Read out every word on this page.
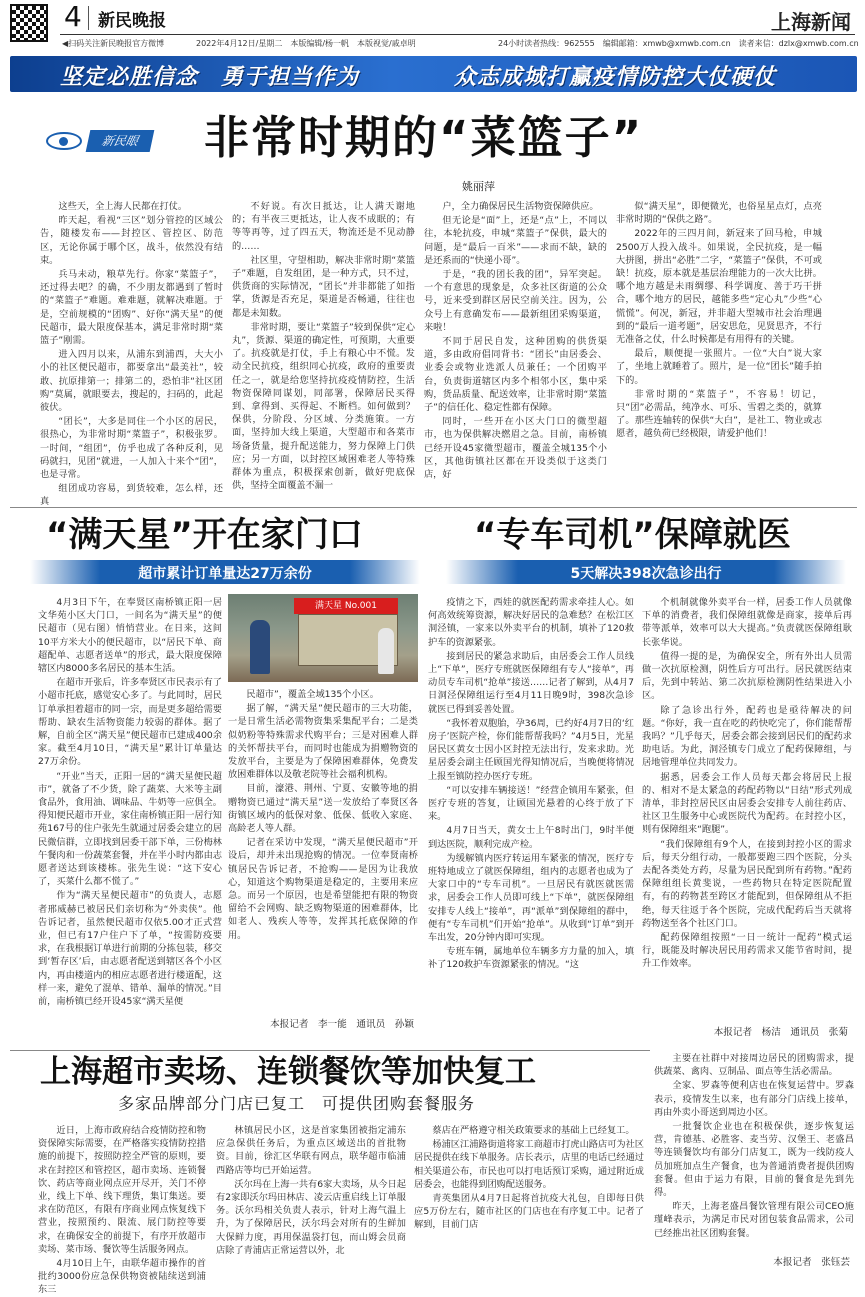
4 新民晚报	上海新闻
◀扫码关注新民晚报官方微博	2022年4月12日/星期二　本版编辑/杨一帆　本版视觉/戚卓明	24小时读者热线：962555　编辑邮箱：xmwb@xmwb.com.cn　读者来信：dzlx@xmwb.com.cn
坚定必胜信念　勇于担当作为	众志成城打赢疫情防控大仗硬仗
新民眼	非常时期的“菜篮子”
姚丽萍

这些天，全上海人民都在打仗。

昨天起，看视“三区”划分管控的区域公告，随楼发布——封控区、管控区、防范区，无论你属于哪个区，战斗，依然没有结束。

兵马未动，粮草先行。你家“菜篮子”，还过得去吧？的确，不少朋友都遇到了暂时的“菜篮子”难题。难难题，就解决难题。于是，空前规模的“团购”、好你“满天星”的便民超市，最大限度保基本，满足非常时期“菜篮子”刚需。

进入四月以来，从浦东到浦西，大大小小的社区便民超市，都要拿出“最美社”，较敢、抗原排第一；排第二的，恐怕非“社区团购”莫属，就眼要去，搜起的，扫码的，此起彼伏。

“团长”，大多是同住一个小区的居民，很热心，为非常时期“菜篮子”，积极张罗。一时间，“组团”，仿乎也成了各种反利，见码就扫，见团“就进，一人加入十来个“团”，也是寻常。

组团成功容易，到货较难，怎么样，还真

不好说。有次日抵达，让人满天谢地的；有半夜三更抵达，让人夜不成眠的；有等等再等，过了四五天，物流还是不见动静的……

社区里，守望相助，解决非常时期“菜篮子”难题，自发组团，是一种方式，只不过，供货商的实际情况，“团长”并非都能了如指掌，货源是否充足，渠道是否畅通，往往也都是未知数。

非常时期，要让“菜篮子”较到保供“定心丸”，货源、渠道的确定性，可预期，大重要了。抗疫就是打仗，手上有粮心中不慌。发动全民抗疫，组织同心抗疫，政府的重要责任之一，就是给您坚持抗疫疫情防控，生活物资保障同谋划，同部署，保障居民买得到、拿得到、买得起、不断档。如何做到？保供，分阶段、分区域、分类施策。一方面，坚持加大线上渠道，大型超市和各菜市场备货量，提升配送能力，努力保障上门供应；另一方面，以封控区域困难老人等特殊群体为重点，积极探索创新，做好兜底保供，坚持全面覆盖不漏一

户，全力确保居民生活物资保障供应。

但无论是“面”上，还是“点”上，不同以往，本轮抗疫，申城“菜篮子”保供，最大的问题，是“最后一百米”——求而不缺，缺的是还系而的“快递小哥”。

于是，“我的团长我的团”，异军突起。一个有意思的现象是，众多社区街道的公众号，近来受到群区居民空前关注。因为，公众号上有意确发布——最新组团采购渠道，来啦！

不同于居民自发，这种团购的供货渠道，多由政府倡同背书：“团长”由居委会、业委会或物业选派人员兼任；一个团购平台，负责街道辖区内多个相邻小区，集中采购，货品质量、配送效率，让非常时期“菜篮子”的信任化、稳定性都有保障。

同时，一些开在小区大门口的微型超市，也为保供解决燃眉之急。目前，南桥镇已经开设45家微型超市，覆盖全城135个小区，其他街镇社区都在开设类似于这类门店，好

似“满天星”，即便微光，也俗星星点灯，点亮非常时期的“保供之路”。

2022年的三四月间，新冠来了回马枪，申城2500万人投入战斗。如果说，全民抗疫，是一幅大拼图，拼出“必胜”二字，“菜篮子”保供，不可或缺！抗疫，原本就是基层治理能力的一次大比拼。哪个地方越是未雨绸缪、科学调度、善于巧干拼合，哪个地方的居民，越能多些“定心丸”少些“心慌慌”。何况，新冠，并非超大型城市社会治理遇到的“最后一道考题”，居安思危，见贤思齐，不行无准备之仗，什么时候都是有用得有的关键。

最后，顺便提一张照片。一位“大白”说大家了，坐地上就睡着了。照片，是一位“团长”随手拍下的。

非常时期的“菜篮子”，不容易！切记，只“团”必需品，纯净水、可乐、雪碧之类的，就算了。那些连轴转的保供“大白”，是社工、物业或志愿者，越负荷已经极限，请爱护他们！

“满天星”开在家门口
超市累计订单量达27万余份

4月3日下午，在奉贤区南桥镇正阳一居文华苑小区大门口，一间名为“满天星”的便民超市（见右图）悄悄营业。在日来，这间10平方米大小的便民超市，以“居民下单、商超配单、志愿者送单”的形式，最大限度保障辖区内8000多名居民的基本生活。

在超市开张后，许多奉贤区市民表示有了小超市托底，感觉安心多了。与此同时，居民订单承担着超市的同一宗，而是更多超给需要帮助、缺农生活物资能力较弱的群体。据了解，自前全区“满天星”便民超市已建成400余家。截至4月10日，“满天星”累计订单量达27万余份。

“开业”当天，正阳一居的“满天星便民超市”，就备了不少货，除了蔬菜、大米等主副食品外，食用油、调味品、牛奶等一应俱全。得知便民超市开业，家住南桥镇正阳一居行知苑167号的住户张先生就通过居委会建立的居民微信群，立即找到居委干部下单，三份梅林午餐肉和一份蔬菜套餐，并在半小时内都由志愿者送达到该楼栋。张先生说：“这下安心了，买菜什么都不慌了。”

作为“满天星便民超市”的负责人，志愿者邢威赫已被居民们亲切称为“外卖侠”。他告诉记者，虽然便民超市仅依5.00才正式营业，但已有17户住户下了单，“按需防疫要求，在我根据订单进行前期的分拣包装，移交到‘暂存区’后，由志愿者配送到辖区各个小区内，再由楼道内的相应志愿者进行楼道配，这样一来，避免了混单、错单、漏单的情况。”目前，南桥镇已经开设45家“满天星便

满天星 No.001

民超市”，覆盖全域135个小区。

据了解，“满天星”便民超市的三大功能，一是日常生活必需物资集采集配平台；二是类似奶粉等特殊需求代购平台；三是对困难人群的关怀帮扶平台，而同时也能成为捐赠物资的发放平台，主要是为了保障困难群体，免费发放困难群体以及敬老院等社会福利机构。

目前，濠港、荆州、宁夏、安徽等地的捐赠物资已通过“满天星”送一发放给了奉贤区各街镇区域内的低保对象、低保、低收入家庭、高龄老人等人群。

记者在采访中发现，“满天星便民超市”开设后，却并未出现抢购的情况。一位奉贤南桥镇居民告诉记者，不抢购——是因为让我放心，知道这个购物渠道是稳定的，主要用来应急。而另一个原因，也是希望能把有限的物资留给不会网购、缺乏购物渠道的困难群体，比如老人、残疾人等等，发挥其托底保障的作用。

本报记者　李一能　通讯员　孙颖
“专车司机”保障就医
5天解决398次急诊出行

疫情之下，西娃的就医配药需求牵挂人心。如何高效统筹资源，解决好居民的急难愁？在松江区洞泾镇，一家来以外卖平台的机制，填补了120救护车的资源紧张。

接到居民的紧急求助后，由居委会工作人员线上“下单”，医疗专班就医保障组有专人“接单”，再动员专车司机“抢单”接送……记者了解到，从4月7日洞泾保障组运行至4月11日晚9时，398次急诊就医已得到妥善处置。

“我怀着双胞胎，孕36周，已约好4月7日的‘红房子’医院产检，你们能帮帮我吗？”4月5日，光星居民区黄女士因小区封控无法出行，发来求助。光星居委会副主任顾国光得知情况后，当晚便将情况上报至镇防控办医疗专班。

“可以安排车辆接送！”经营企镇用车紧张，但医疗专班的答复，让顾国光悬着的心终于放了下来。

4月7日当天，黄女士上午8时出门，9时半便到达医院，顺利完成产检。

为缓解镇内医疗转运用车紧张的情况，医疗专班特地成立了就医保障组，组内的志愿者也成为了大家口中的“专车司机”。一旦居民有就医就医需求，居委会工作人员即可线上“下单”，就医保障组安排专人线上“接单”，再“派单”到保障组的群中，便有“专车司机”们开始“抢单”。从收到“订单”到开车出发，20分钟内即可实现。

专班车辆，属地单位车辆多方力量的加入，填补了120救护车资源紧张的情况。“这

个机制就像外卖平台一样，居委工作人员就像下单的消费者，我们保障组就像是商家，接单后再带等派单，效率可以大大提高。”负责就医保障组耿长张华说。

值得一提的是，为确保安全，所有外出人员需做一次抗原检测，阴性后方可出行。居民就医结束后，先到中转站、第二次抗原检测阴性结果进入小区。

除了急诊出行外，配药也是亟待解决的问题。“你好，我一直在吃的药快吃完了，你们能帮帮我吗？”几乎每天，居委会都会接到居民们的配药求助电话。为此，洞泾镇专门成立了配药保障组，与居地管理单位共同发力。

据悉，居委会工作人员每天都会将居民上报的、相对不是太紧急的药配药物以“日结”形式列成清单，非封控居民区由居委会安排专人前往药店、社区卫生服务中心或医院代为配药。在封控小区，则有保障组来“跑腿”。

“我们保障组有9个人，在接到封控小区的需求后，每天分组行动，一般都要跑三四个医院，分头去配各类处方药，尽量为居民配到所有药物。”配药保障组组长黄斐说，一些药物只在特定医院配置有，有的药物甚至跨区才能配到，但保障组从不拒绝，每天往返于各个医院，完成代配药后当天就将药物送至各个社区门口。

配药保障组按照“一日一统计一配药”模式运行，既能及时解决居民用药需求又能节省时间，提升工作效率。

本报记者　杨洁　通讯员　张菊
上海超市卖场、连锁餐饮等加快复工
多家品牌部分门店已复工　可提供团购套餐服务

近日，上海市政府结合疫情防控和物资保障实际需要，在严格落实疫情防控措施的前提下，按照防控全严管的原则，要求在封控区和管控区，超市卖场、连锁餐饮、药店等商业网点应开尽开，关门不停业，线上下单、线下理货，集订集送。要求在防范区，有限有序商业网点恢复线下营业，按照预约、限流、展门防控等要求，在确保安全的前提下，有序开放超市卖场、菜市场、餐饮等生活服务网点。

4月10日上午，由联华超市操作的首批约3000份应急保供物资被陆续送到浦东三

林镇居民小区，这是首家集团被指定浦东应急保供任务后，为重点区域送出的首批物资。目前，徐汇区华联有网点，联华超市临浦西路店等均已开始运营。

沃尔玛在上海一共有6家大卖场，从今日起有2家即沃尔玛田林店、凌云店重启线上订单服务。沃尔玛相关负责人表示，针对上海气温上升，为了保障居民，沃尔玛会对所有的生鲜加大保鲜力度，再用保温袋打包，而山姆会员商店除了青浦店正常运营以外，北

蔡店在严格遵守相关政策要求的基础上已经复工。

杨浦区江浦路街道将家工商超市打虎山路店可为社区居民提供在线下单服务。店长表示，店里的电话已经通过相关渠道公布，市民也可以打电话预订采购，通过附近成居委会，也能得到团购配送服务。

青英集团从4月7日起将首抗疫大礼包，自即每日供应5万份左右，随市社区的门店也在有序复工中。记者了解到，目前门店

主要在社群中对接周边居民的团购需求，提供蔬菜、禽肉、豆制品、面点等生活必需品。

全家、罗森等便利店也在恢复运营中。罗森表示，疫情发生以来，也有部分门店线上接单，再由外卖小哥送到周边小区。

一批餐饮企业也在积极保供，逐步恢复运营，肯德基、必胜客、麦当劳、汉堡王、老盛昌等连锁餐饮均有部分门店复工，既为一线防疫人员加班加点生产餐食，也为普通消费者提供团购套餐。但由于运力有限，目前的餐食是先到先得。

昨天，上海老盛昌餐饮管理有限公司CEO施瑾峰表示，为满足市民对团包装食品需求，公司已经推出社区团购套餐。

本报记者　张钰芸
